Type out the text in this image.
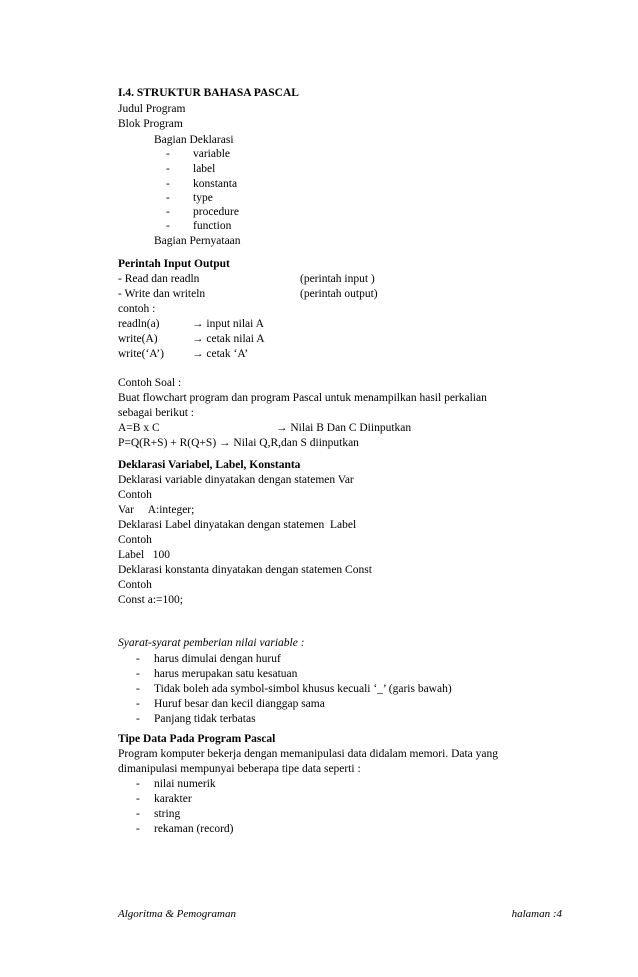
I.4. STRUKTUR BAHASA PASCAL
Judul Program
Blok Program
Bagian Deklarasi
- variable
- label
- konstanta
- type
- procedure
- function
Bagian Pernyataan
Perintah Input Output
- Read dan readln	(perintah input )
- Write dan writeln	(perintah output)
contoh :
readln(a)	→ input nilai A
write(A)	→ cetak nilai A
write(‘A’) → cetak ‘A’
Contoh Soal :
Buat flowchart program dan program Pascal untuk menampilkan hasil perkalian
sebagai berikut :
A=B x C	→ Nilai B Dan C Diinputkan
P=Q(R+S) + R(Q+S) → Nilai Q,R,dan S diinputkan
Deklarasi Variabel, Label, Konstanta
Deklarasi variable dinyatakan dengan statemen Var
Contoh
Var     A:integer;
Deklarasi Label dinyatakan dengan statemen  Label
Contoh
Label   100
Deklarasi konstanta dinyatakan dengan statemen Const
Contoh
Const a:=100;
Syarat-syarat pemberian nilai variable :
- harus dimulai dengan huruf
- harus merupakan satu kesatuan
- Tidak boleh ada symbol-simbol khusus kecuali ‘_’ (garis bawah)
- Huruf besar dan kecil dianggap sama
- Panjang tidak terbatas
Tipe Data Pada Program Pascal
Program komputer bekerja dengan memanipulasi data didalam memori. Data yang
dimanipulasi mempunyai beberapa tipe data seperti :
- nilai numerik
- karakter
- string
- rekaman (record)
Algoritma & Pemograman	halaman :4
